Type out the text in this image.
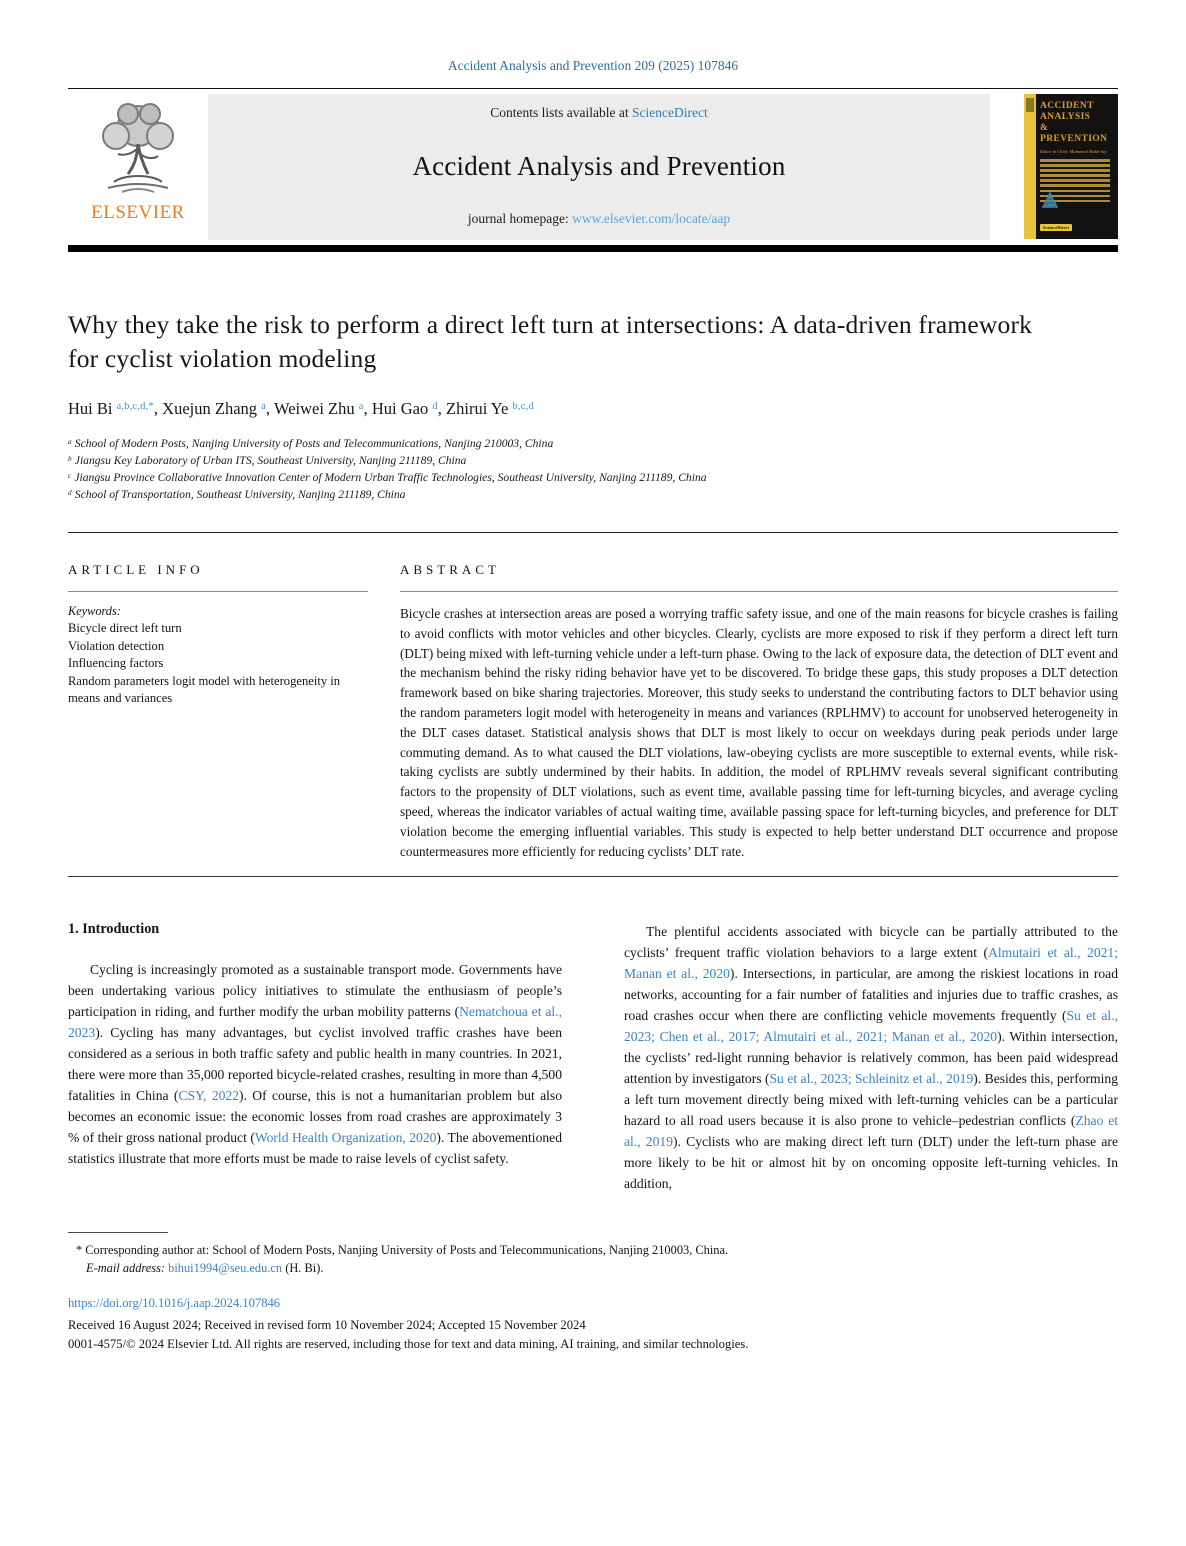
Accident Analysis and Prevention 209 (2025) 107846
ELSEVIER
Contents lists available at ScienceDirect
Accident Analysis and Prevention
journal homepage: www.elsevier.com/locate/aap
ACCIDENT
ANALYSIS
&
PREVENTION
Editor in Chief: Mohamed Abdel-Aty
ScienceDirect
Why they take the risk to perform a direct left turn at intersections: A data-driven framework for cyclist violation modeling
Hui Bi $^{a,b,c,d,*}$, Xuejun Zhang $^a$, Weiwei Zhu $^a$, Hui Gao $^d$, Zhirui Ye $^{b,c,d}$
$^a$ School of Modern Posts, Nanjing University of Posts and Telecommunications, Nanjing 210003, China
$^b$ Jiangsu Key Laboratory of Urban ITS, Southeast University, Nanjing 211189, China
$^c$ Jiangsu Province Collaborative Innovation Center of Modern Urban Traffic Technologies, Southeast University, Nanjing 211189, China
$^d$ School of Transportation, Southeast University, Nanjing 211189, China
ARTICLE INFO
Keywords:
Bicycle direct left turn
Violation detection
Influencing factors
Random parameters logit model with heterogeneity in means and variances
ABSTRACT
Bicycle crashes at intersection areas are posed a worrying traffic safety issue, and one of the main reasons for bicycle crashes is failing to avoid conflicts with motor vehicles and other bicycles. Clearly, cyclists are more exposed to risk if they perform a direct left turn (DLT) being mixed with left-turning vehicle under a left-turn phase. Owing to the lack of exposure data, the detection of DLT event and the mechanism behind the risky riding behavior have yet to be discovered. To bridge these gaps, this study proposes a DLT detection framework based on bike sharing trajectories. Moreover, this study seeks to understand the contributing factors to DLT behavior using the random parameters logit model with heterogeneity in means and variances (RPLHMV) to account for unobserved heterogeneity in the DLT cases dataset. Statistical analysis shows that DLT is most likely to occur on weekdays during peak periods under large commuting demand. As to what caused the DLT violations, law-obeying cyclists are more susceptible to external events, while risk-taking cyclists are subtly undermined by their habits. In addition, the model of RPLHMV reveals several significant contributing factors to the propensity of DLT violations, such as event time, available passing time for left-turning bicycles, and average cycling speed, whereas the indicator variables of actual waiting time, available passing space for left-turning bicycles, and preference for DLT violation become the emerging influential variables. This study is expected to help better understand DLT occurrence and propose countermeasures more efficiently for reducing cyclists’ DLT rate.
1. Introduction

Cycling is increasingly promoted as a sustainable transport mode. Governments have been undertaking various policy initiatives to stimulate the enthusiasm of people’s participation in riding, and further modify the urban mobility patterns (Nematchoua et al., 2023). Cycling has many advantages, but cyclist involved traffic crashes have been considered as a serious in both traffic safety and public health in many countries. In 2021, there were more than 35,000 reported bicycle-related crashes, resulting in more than 4,500 fatalities in China (CSY, 2022). Of course, this is not a humanitarian problem but also becomes an economic issue: the economic losses from road crashes are approximately 3 % of their gross national product (World Health Organization, 2020). The abovementioned statistics illustrate that more efforts must be made to raise levels of cyclist safety.

The plentiful accidents associated with bicycle can be partially attributed to the cyclists’ frequent traffic violation behaviors to a large extent (Almutairi et al., 2021; Manan et al., 2020). Intersections, in particular, are among the riskiest locations in road networks, accounting for a fair number of fatalities and injuries due to traffic crashes, as road crashes occur when there are conflicting vehicle movements frequently (Su et al., 2023; Chen et al., 2017; Almutairi et al., 2021; Manan et al., 2020). Within intersection, the cyclists’ red-light running behavior is relatively common, has been paid widespread attention by investigators (Su et al., 2023; Schleinitz et al., 2019). Besides this, performing a left turn movement directly being mixed with left-turning vehicles can be a particular hazard to all road users because it is also prone to vehicle–pedestrian conflicts (Zhao et al., 2019). Cyclists who are making direct left turn (DLT) under the left-turn phase are more likely to be hit or almost hit by on oncoming opposite left-turning vehicles. In addition,

* Corresponding author at: School of Modern Posts, Nanjing University of Posts and Telecommunications, Nanjing 210003, China.
E-mail address: bihui1994@seu.edu.cn (H. Bi).
https://doi.org/10.1016/j.aap.2024.107846
Received 16 August 2024; Received in revised form 10 November 2024; Accepted 15 November 2024
0001-4575/© 2024 Elsevier Ltd. All rights are reserved, including those for text and data mining, AI training, and similar technologies.
